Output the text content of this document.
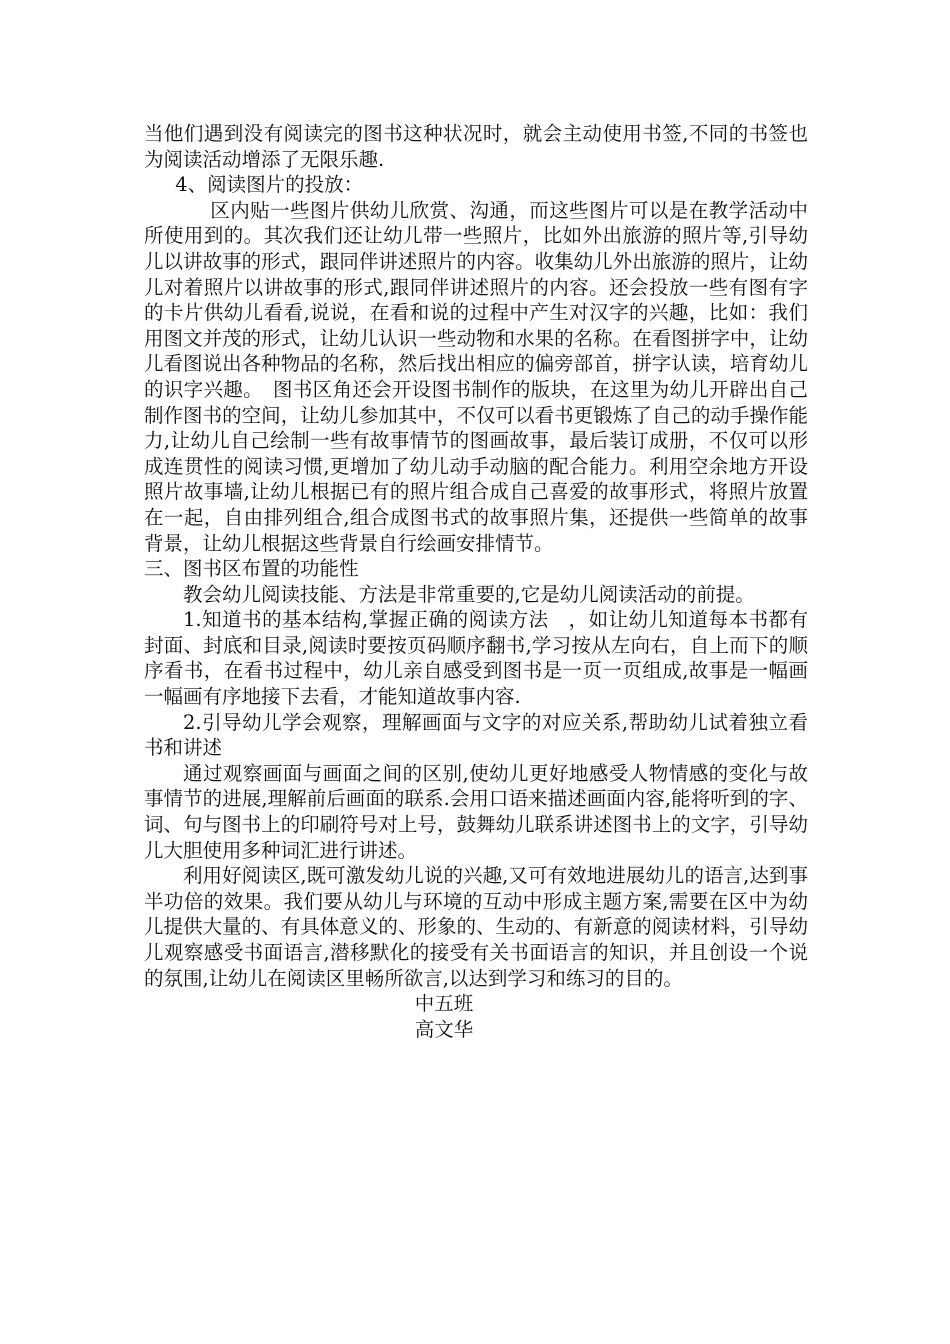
当他们遇到没有阅读完的图书这种状况时，就会主动使用书签,不同的书签也为阅读活动增添了无限乐趣.

4、阅读图片的投放：

区内贴一些图片供幼儿欣赏、沟通，而这些图片可以是在教学活动中所使用到的。其次我们还让幼儿带一些照片，比如外出旅游的照片等,引导幼儿以讲故事的形式，跟同伴讲述照片的内容。收集幼儿外出旅游的照片，让幼儿对着照片以讲故事的形式,跟同伴讲述照片的内容。还会投放一些有图有字的卡片供幼儿看看,说说，在看和说的过程中产生对汉字的兴趣，比如：我们用图文并茂的形式，让幼儿认识一些动物和水果的名称。在看图拼字中，让幼儿看图说出各种物品的名称，然后找出相应的偏旁部首，拼字认读，培育幼儿的识字兴趣。　图书区角还会开设图书制作的版块，在这里为幼儿开辟出自己制作图书的空间，让幼儿参加其中，不仅可以看书更锻炼了自己的动手操作能力,让幼儿自己绘制一些有故事情节的图画故事，最后装订成册，不仅可以形成连贯性的阅读习惯,更增加了幼儿动手动脑的配合能力。利用空余地方开设照片故事墙,让幼儿根据已有的照片组合成自己喜爱的故事形式，将照片放置在一起，自由排列组合,组合成图书式的故事照片集，还提供一些简单的故事背景，让幼儿根据这些背景自行绘画安排情节。

三、图书区布置的功能性

教会幼儿阅读技能、方法是非常重要的,它是幼儿阅读活动的前提。

1.知道书的基本结构,掌握正确的阅读方法　，如让幼儿知道每本书都有封面、封底和目录,阅读时要按页码顺序翻书,学习按从左向右，自上而下的顺序看书，在看书过程中，幼儿亲自感受到图书是一页一页组成,故事是一幅画一幅画有序地接下去看，才能知道故事内容.

2.引导幼儿学会观察，理解画面与文字的对应关系,帮助幼儿试着独立看书和讲述

通过观察画面与画面之间的区别,使幼儿更好地感受人物情感的变化与故事情节的进展,理解前后画面的联系.会用口语来描述画面内容,能将听到的字、词、句与图书上的印刷符号对上号，鼓舞幼儿联系讲述图书上的文字，引导幼儿大胆使用多种词汇进行讲述。

利用好阅读区,既可激发幼儿说的兴趣,又可有效地进展幼儿的语言,达到事半功倍的效果。我们要从幼儿与环境的互动中形成主题方案,需要在区中为幼儿提供大量的、有具体意义的、形象的、生动的、有新意的阅读材料，引导幼儿观察感受书面语言,潜移默化的接受有关书面语言的知识，并且创设一个说的氛围,让幼儿在阅读区里畅所欲言,以达到学习和练习的目的。

中五班

高文华
